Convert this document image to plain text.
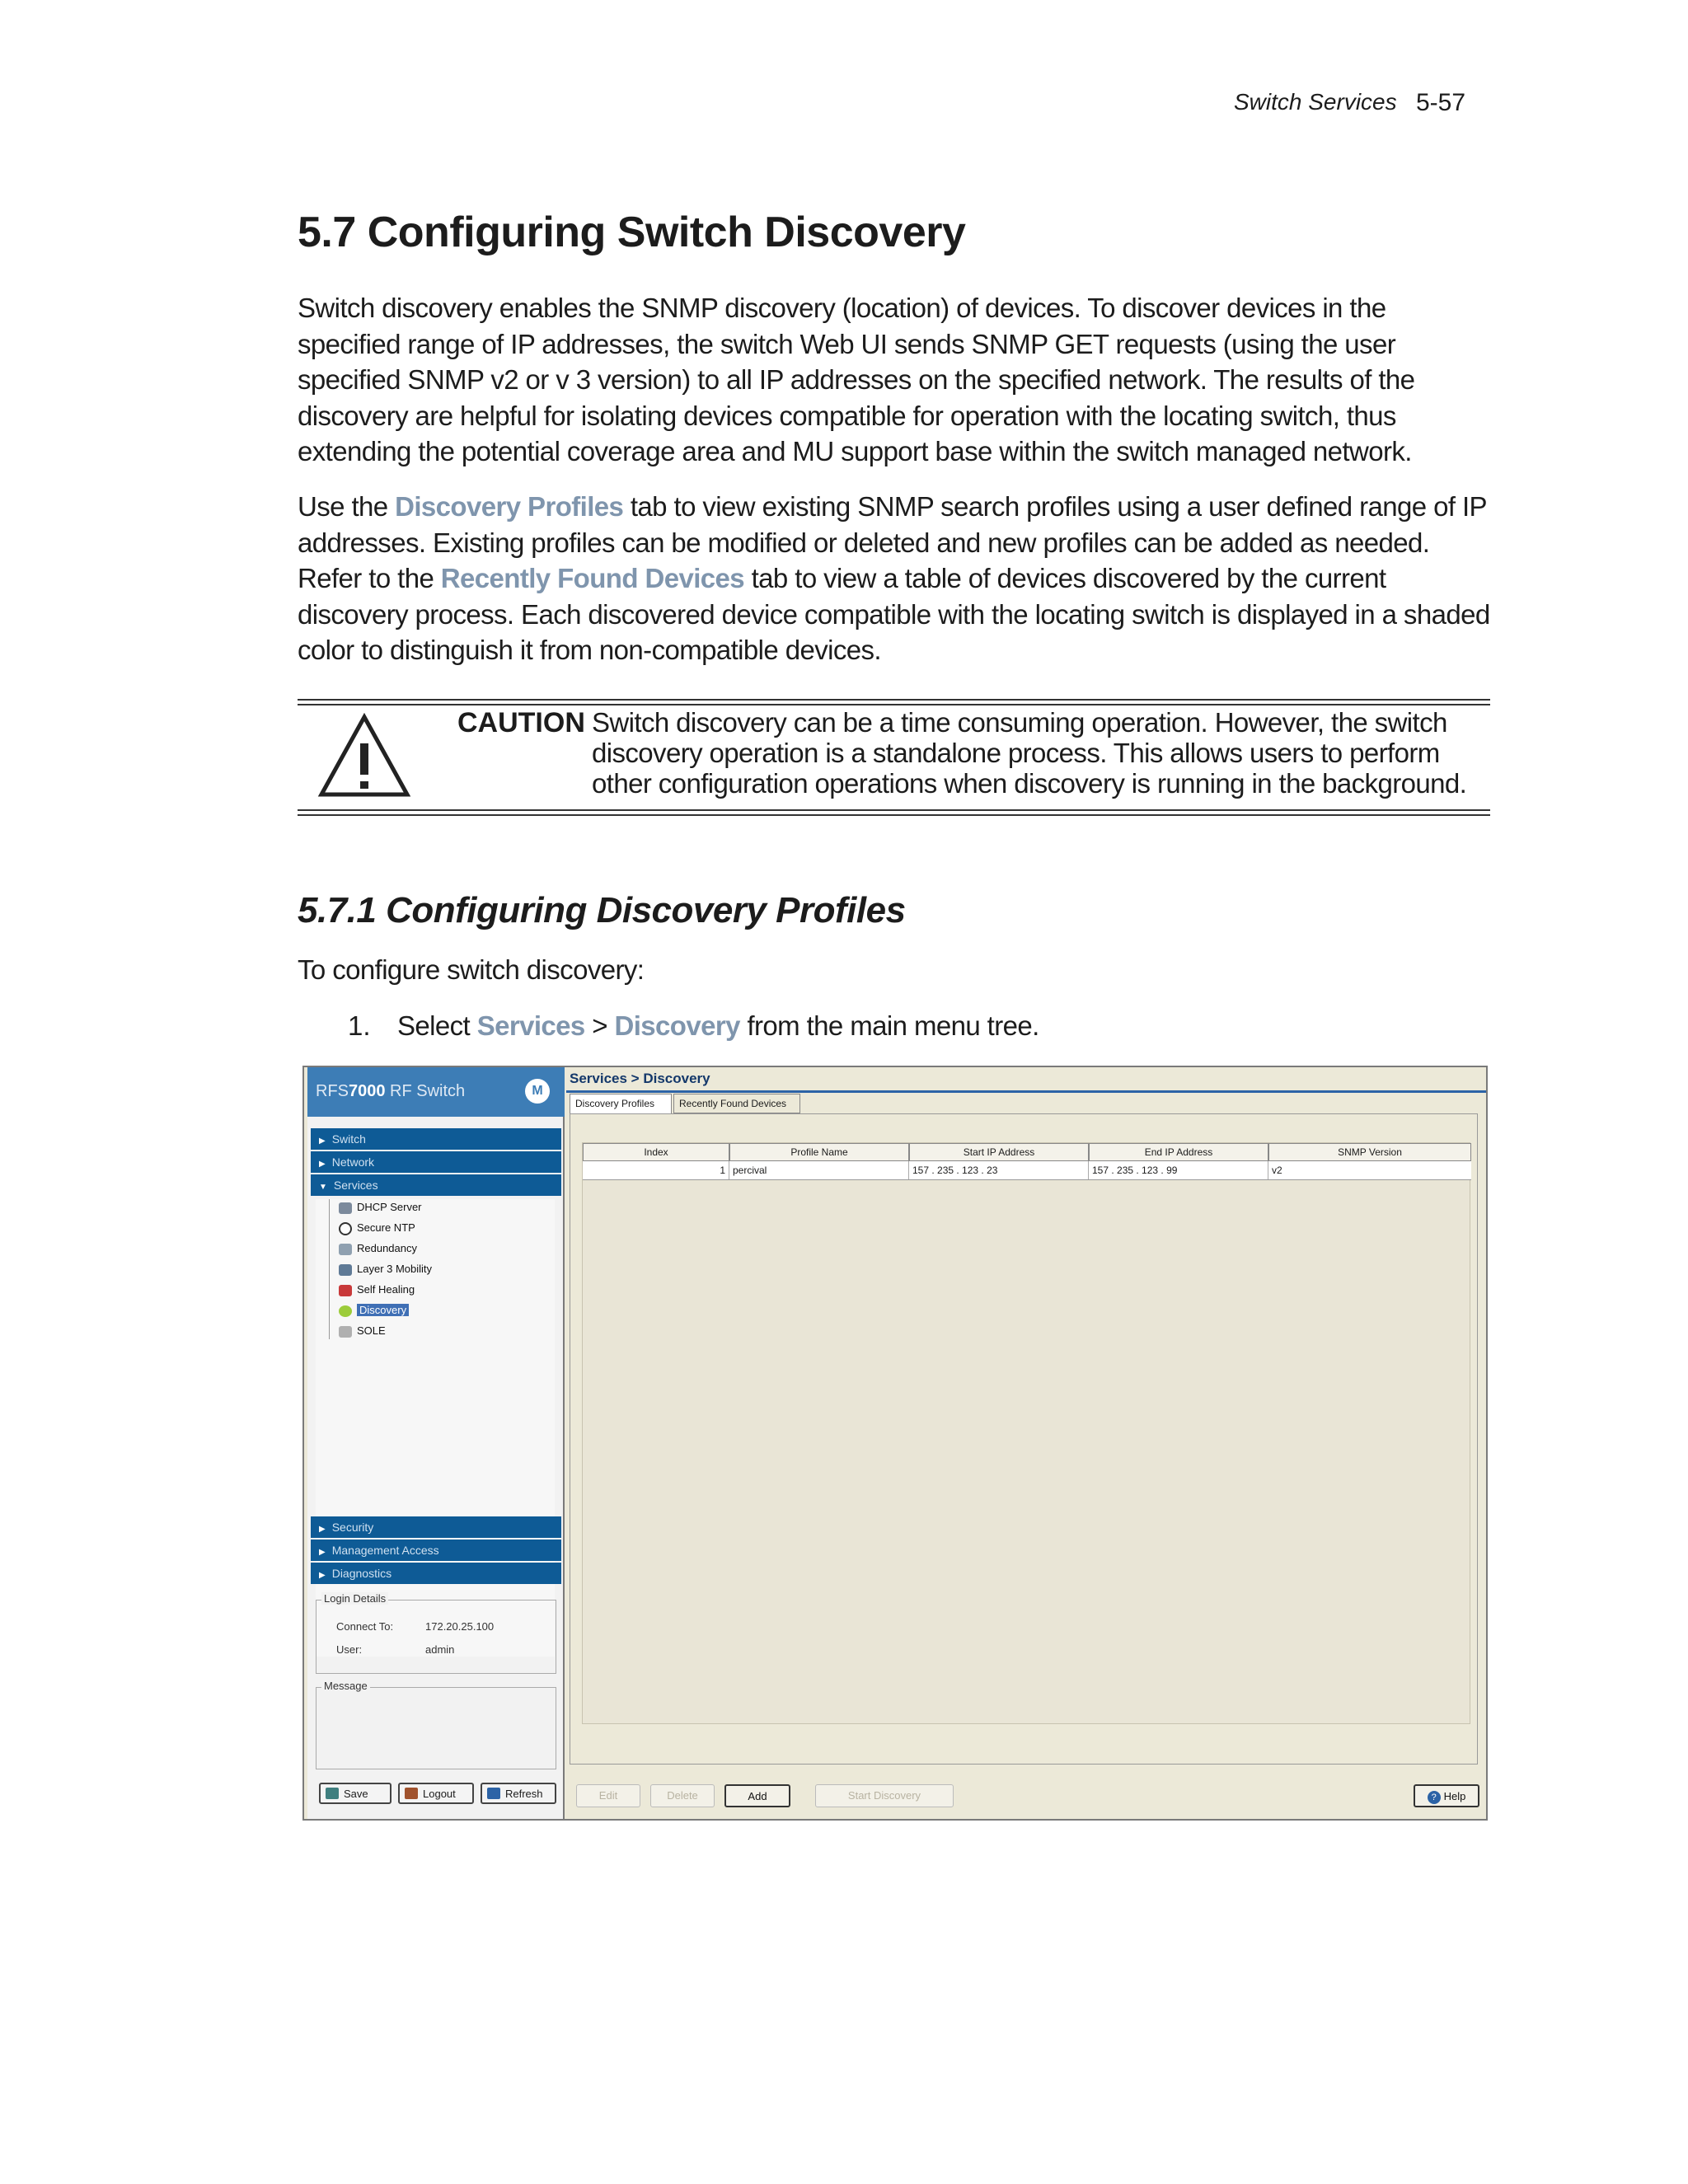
Switch Services 5-57
5.7 Configuring Switch Discovery

Switch discovery enables the SNMP discovery (location) of devices. To discover devices in the specified range of IP addresses, the switch Web UI sends SNMP GET requests (using the user specified SNMP v2 or v 3 version) to all IP addresses on the specified network. The results of the discovery are helpful for isolating devices compatible for operation with the locating switch, thus extending the potential coverage area and MU support base within the switch managed network.

Use the Discovery Profiles tab to view existing SNMP search profiles using a user defined range of IP addresses. Existing profiles can be modified or deleted and new profiles can be added as needed. Refer to the Recently Found Devices tab to view a table of devices discovered by the current discovery process. Each discovered device compatible with the locating switch is displayed in a shaded color to distinguish it from non-compatible devices.

CAUTION Switch discovery can be a time consuming operation. However, the switch discovery operation is a standalone process. This allows users to perform other configuration operations when discovery is running in the background.

5.7.1 Configuring Discovery Profiles
To configure switch discovery:
1. Select Services > Discovery from the main menu tree.
RFS7000 RF Switch	M
▶ Switch
▶ Network
▼ Services
DHCP Server
Secure NTP
Redundancy
Layer 3 Mobility
Self Healing
Discovery
SOLE
▶ Security
▶ Management Access
▶ Diagnostics
Login Details
Connect To:	172.20.25.100
User:	admin
Message
Save	Logout	Refresh
Services > Discovery
Discovery Profiles	Recently Found Devices
Index	Profile Name	Start IP Address	End IP Address	SNMP Version
1 percival	157 . 235 . 123 . 23	157 . 235 . 123 . 99	v2
Edit	Delete	Add	Start Discovery	? Help
